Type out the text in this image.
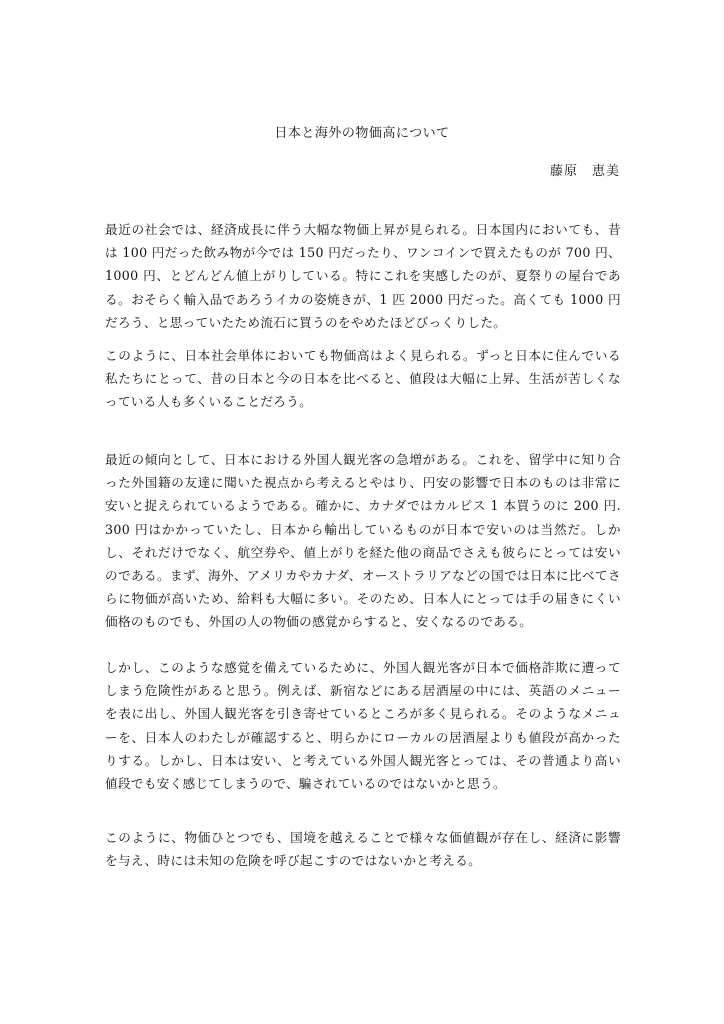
日本と海外の物価高について
藤原　恵美

最近の社会では、経済成長に伴う大幅な物価上昇が見られる。日本国内においても、昔は 100 円だった飲み物が今では 150 円だったり、ワンコインで買えたものが 700 円、1000 円、とどんどん値上がりしている。特にこれを実感したのが、夏祭りの屋台である。おそらく輸入品であろうイカの姿焼きが、1 匹 2000 円だった。高くても 1000 円だろう、と思っていたため流石に買うのをやめたほどびっくりした。

このように、日本社会単体においても物価高はよく見られる。ずっと日本に住んでいる私たちにとって、昔の日本と今の日本を比べると、値段は大幅に上昇、生活が苦しくなっている人も多くいることだろう。

最近の傾向として、日本における外国人観光客の急増がある。これを、留学中に知り合った外国籍の友達に聞いた視点から考えるとやはり、円安の影響で日本のものは非常に安いと捉えられているようである。確かに、カナダではカルピス 1 本買うのに 200 円. 300 円はかかっていたし、日本から輸出しているものが日本で安いのは当然だ。しかし、それだけでなく、航空券や、値上がりを経た他の商品でさえも彼らにとっては安いのである。まず、海外、アメリカやカナダ、オーストラリアなどの国では日本に比べてさらに物価が高いため、給料も大幅に多い。そのため、日本人にとっては手の届きにくい価格のものでも、外国の人の物価の感覚からすると、安くなるのである。

しかし、このような感覚を備えているために、外国人観光客が日本で価格詐欺に遭ってしまう危険性があると思う。例えば、新宿などにある居酒屋の中には、英語のメニューを表に出し、外国人観光客を引き寄せているところが多く見られる。そのようなメニューを、日本人のわたしが確認すると、明らかにローカルの居酒屋よりも値段が高かったりする。しかし、日本は安い、と考えている外国人観光客とっては、その普通より高い値段でも安く感じてしまうので、騙されているのではないかと思う。

このように、物価ひとつでも、国境を越えることで様々な価値観が存在し、経済に影響を与え、時には未知の危険を呼び起こすのではないかと考える。
